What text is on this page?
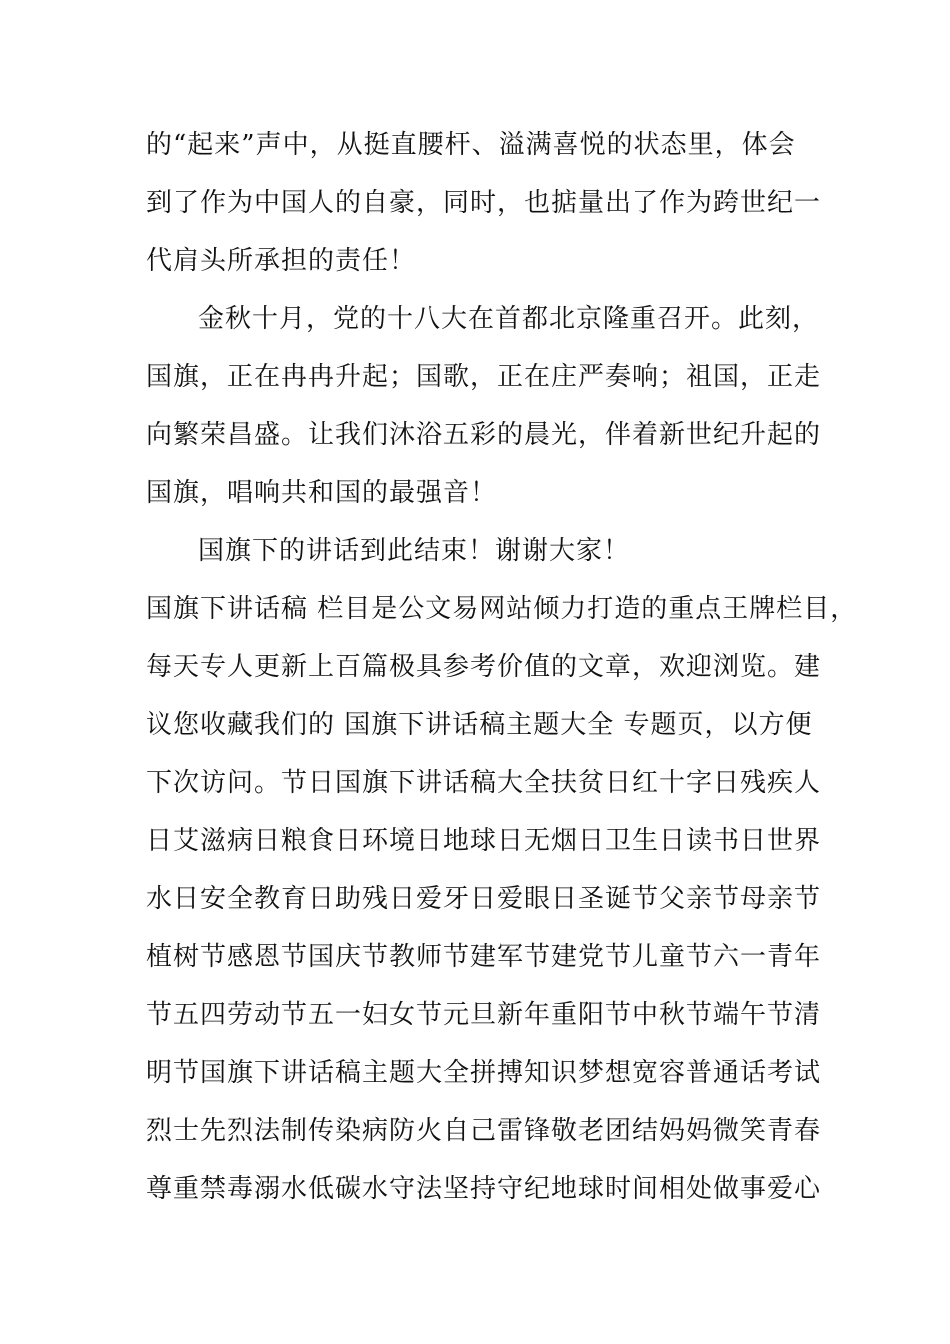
的“起来”声中，从挺直腰杆、溢满喜悦的状态里，体会
到了作为中国人的自豪，同时，也掂量出了作为跨世纪一
代肩头所承担的责任！
金秋十月，党的十八大在首都北京隆重召开。此刻，
国旗，正在冉冉升起；国歌，正在庄严奏响；祖国，正走
向繁荣昌盛。让我们沐浴五彩的晨光，伴着新世纪升起的
国旗，唱响共和国的最强音！
国旗下的讲话到此结束！谢谢大家！
国旗下讲话稿 栏目是公文易网站倾力打造的重点王牌栏目，
每天专人更新上百篇极具参考价值的文章，欢迎浏览。建
议您收藏我们的 国旗下讲话稿主题大全 专题页，以方便
下次访问。节日国旗下讲话稿大全扶贫日红十字日残疾人
日艾滋病日粮食日环境日地球日无烟日卫生日读书日世界
水日安全教育日助残日爱牙日爱眼日圣诞节父亲节母亲节
植树节感恩节国庆节教师节建军节建党节儿童节六一青年
节五四劳动节五一妇女节元旦新年重阳节中秋节端午节清
明节国旗下讲话稿主题大全拼搏知识梦想宽容普通话考试
烈士先烈法制传染病防火自己雷锋敬老团结妈妈微笑青春
尊重禁毒溺水低碳水守法坚持守纪地球时间相处做事爱心
